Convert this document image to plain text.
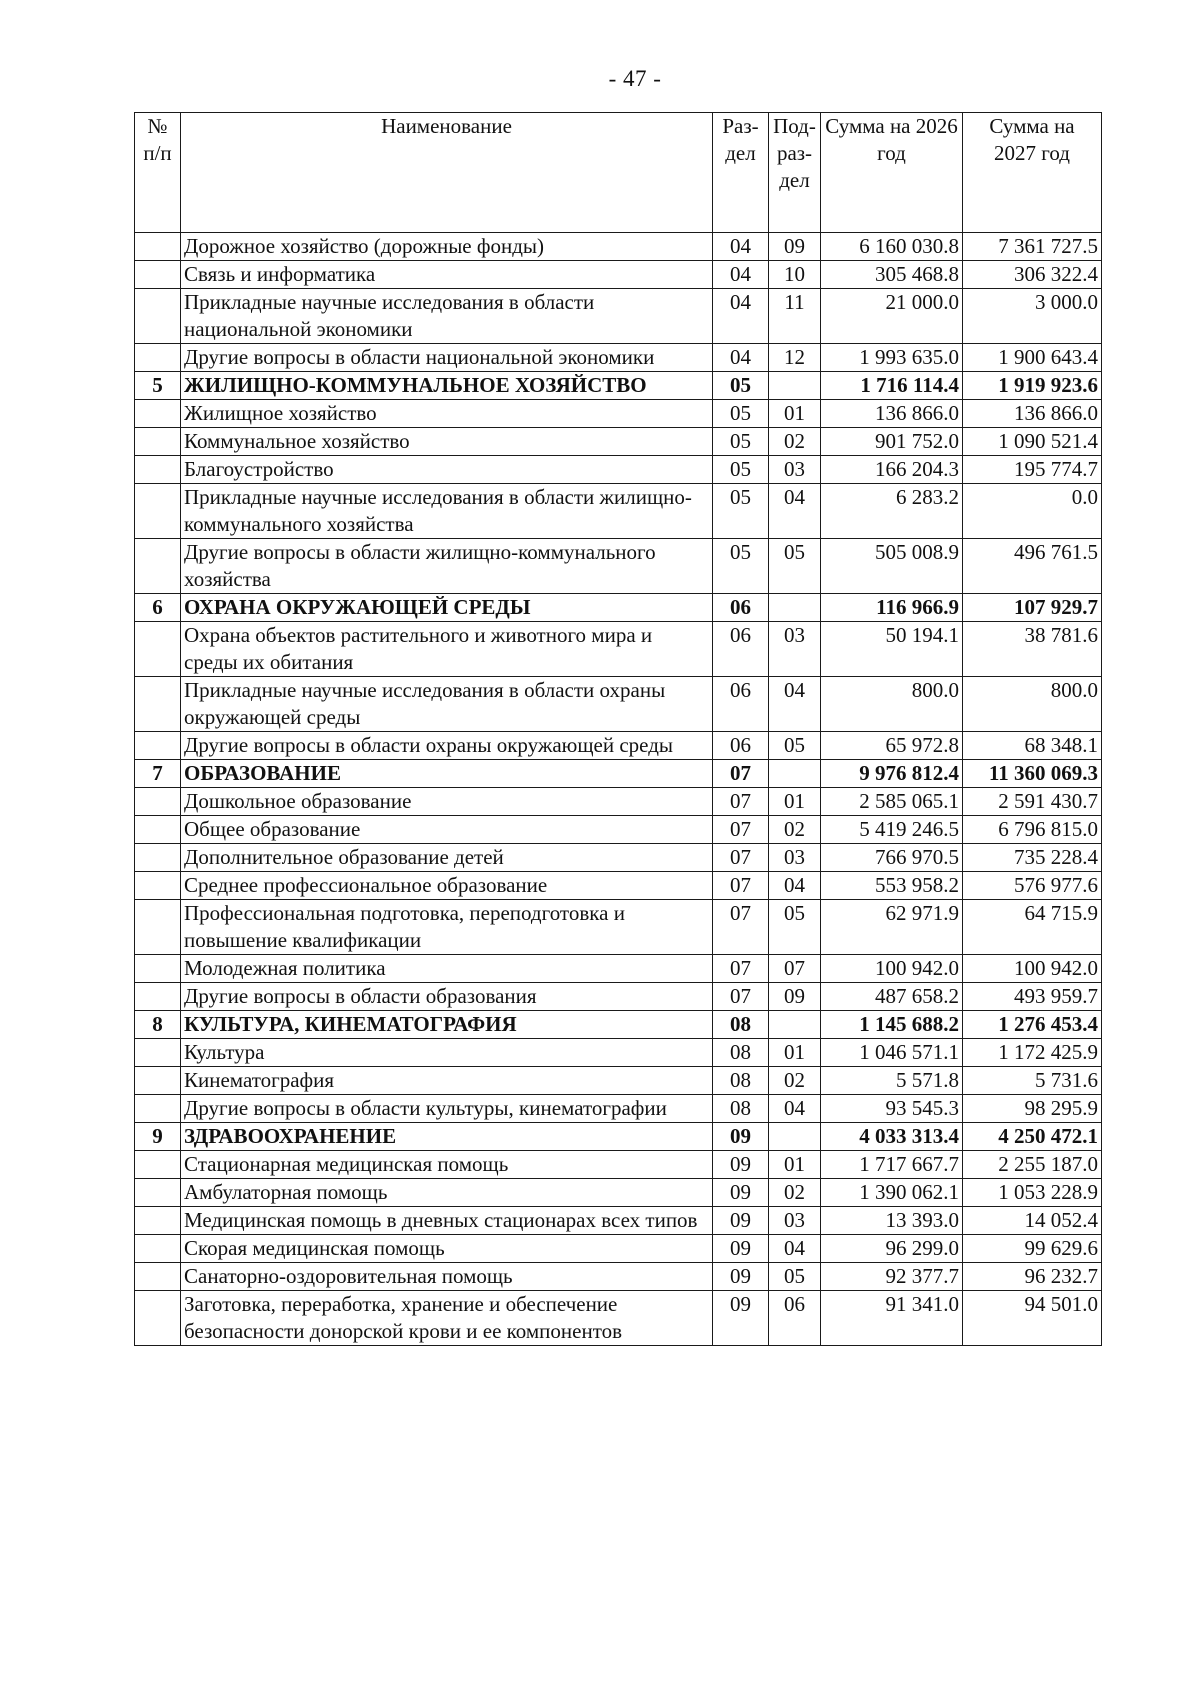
- 47 -
№ п/п	Наименование	Раз- дел	Под- раз- дел	Сумма на 2026 год	Сумма на 2027 год
	Дорожное хозяйство (дорожные фонды)	04	09	6 160 030.8	7 361 727.5
	Связь и информатика	04	10	305 468.8	306 322.4
	Прикладные научные исследования в области национальной экономики	04	11	21 000.0	3 000.0
	Другие вопросы в области национальной экономики	04	12	1 993 635.0	1 900 643.4
5	ЖИЛИЩНО-КОММУНАЛЬНОЕ ХОЗЯЙСТВО	05		1 716 114.4	1 919 923.6
	Жилищное хозяйство	05	01	136 866.0	136 866.0
	Коммунальное хозяйство	05	02	901 752.0	1 090 521.4
	Благоустройство	05	03	166 204.3	195 774.7
	Прикладные научные исследования в области жилищно-коммунального хозяйства	05	04	6 283.2	0.0
	Другие вопросы в области жилищно-коммунального хозяйства	05	05	505 008.9	496 761.5
6	ОХРАНА ОКРУЖАЮЩЕЙ СРЕДЫ	06		116 966.9	107 929.7
	Охрана объектов растительного и животного мира и среды их обитания	06	03	50 194.1	38 781.6
	Прикладные научные исследования в области охраны окружающей среды	06	04	800.0	800.0
	Другие вопросы в области охраны окружающей среды	06	05	65 972.8	68 348.1
7	ОБРАЗОВАНИЕ	07		9 976 812.4	11 360 069.3
	Дошкольное образование	07	01	2 585 065.1	2 591 430.7
	Общее образование	07	02	5 419 246.5	6 796 815.0
	Дополнительное образование детей	07	03	766 970.5	735 228.4
	Среднее профессиональное образование	07	04	553 958.2	576 977.6
	Профессиональная подготовка, переподготовка и повышение квалификации	07	05	62 971.9	64 715.9
	Молодежная политика	07	07	100 942.0	100 942.0
	Другие вопросы в области образования	07	09	487 658.2	493 959.7
8	КУЛЬТУРА, КИНЕМАТОГРАФИЯ	08		1 145 688.2	1 276 453.4
	Культура	08	01	1 046 571.1	1 172 425.9
	Кинематография	08	02	5 571.8	5 731.6
	Другие вопросы в области культуры, кинематографии	08	04	93 545.3	98 295.9
9	ЗДРАВООХРАНЕНИЕ	09		4 033 313.4	4 250 472.1
	Стационарная медицинская помощь	09	01	1 717 667.7	2 255 187.0
	Амбулаторная помощь	09	02	1 390 062.1	1 053 228.9
	Медицинская помощь в дневных стационарах всех типов	09	03	13 393.0	14 052.4
	Скорая медицинская помощь	09	04	96 299.0	99 629.6
	Санаторно-оздоровительная помощь	09	05	92 377.7	96 232.7
	Заготовка, переработка, хранение и обеспечение безопасности донорской крови и ее компонентов	09	06	91 341.0	94 501.0
